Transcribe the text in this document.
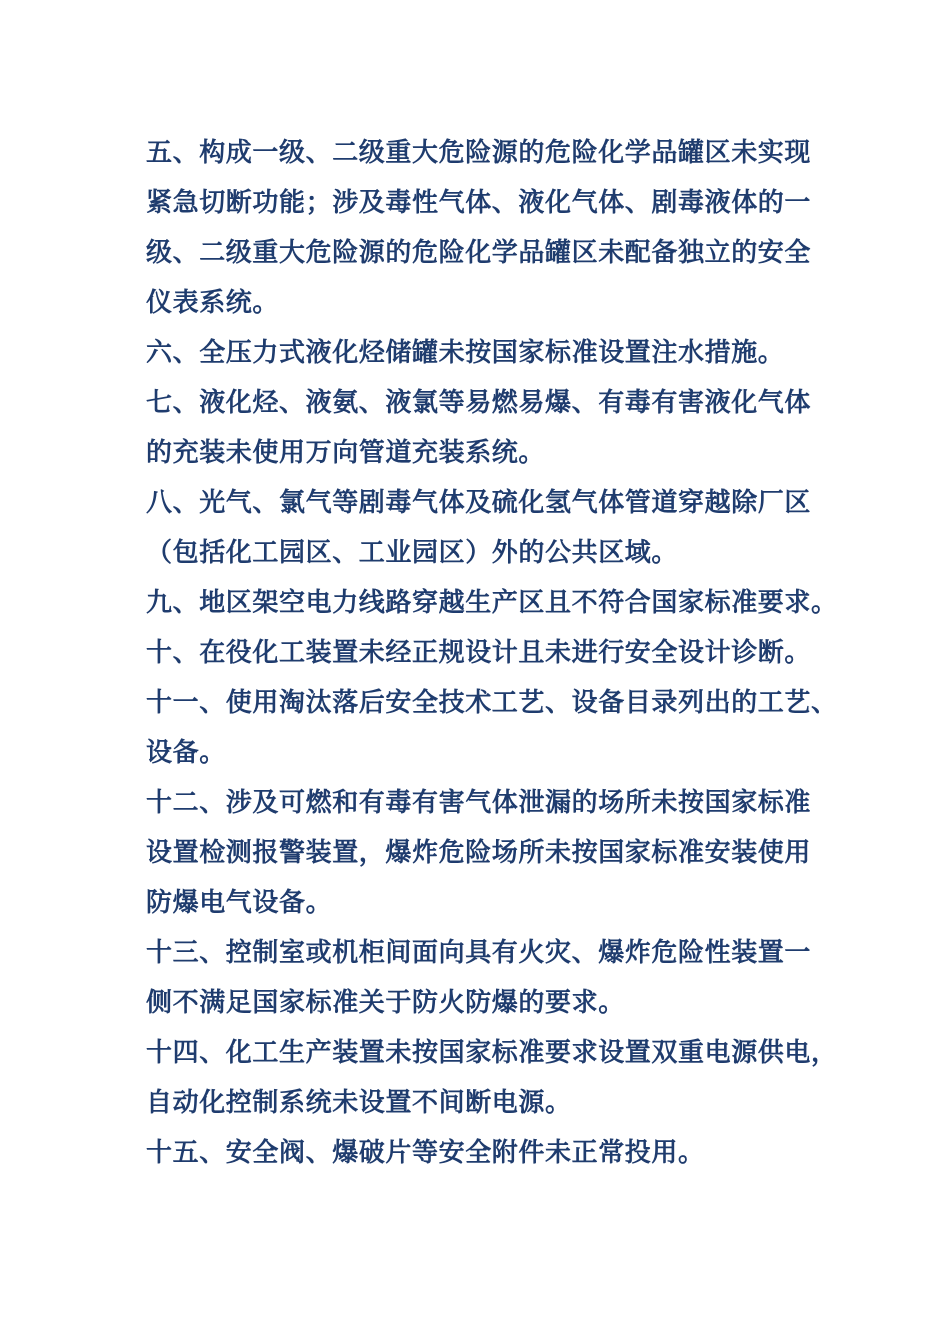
五、构成一级、二级重大危险源的危险化学品罐区未实现
紧急切断功能；涉及毒性气体、液化气体、剧毒液体的一
级、二级重大危险源的危险化学品罐区未配备独立的安全
仪表系统。
六、全压力式液化烃储罐未按国家标准设置注水措施。
七、液化烃、液氨、液氯等易燃易爆、有毒有害液化气体
的充装未使用万向管道充装系统。
八、光气、氯气等剧毒气体及硫化氢气体管道穿越除厂区
（包括化工园区、工业园区）外的公共区域。
九、地区架空电力线路穿越生产区且不符合国家标准要求。
十、在役化工装置未经正规设计且未进行安全设计诊断。
十一、使用淘汰落后安全技术工艺、设备目录列出的工艺、
设备。
十二、涉及可燃和有毒有害气体泄漏的场所未按国家标准
设置检测报警装置，爆炸危险场所未按国家标准安装使用
防爆电气设备。
十三、控制室或机柜间面向具有火灾、爆炸危险性装置一
侧不满足国家标准关于防火防爆的要求。
十四、化工生产装置未按国家标准要求设置双重电源供电，
自动化控制系统未设置不间断电源。
十五、安全阀、爆破片等安全附件未正常投用。
